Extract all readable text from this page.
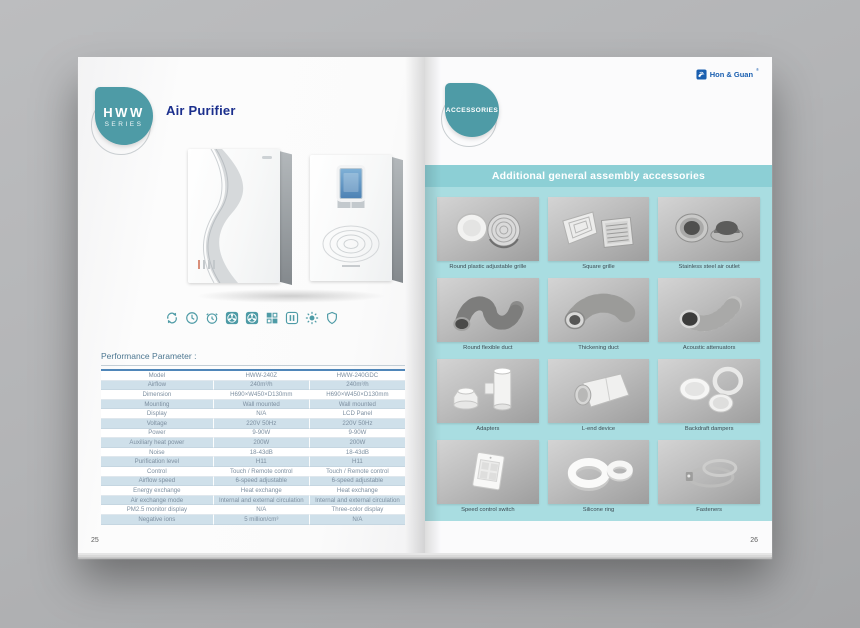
HWW
SERIES
Air Purifier
Performance Parameter :
Model	HWW-240Z	HWW-240GDC
Airflow	240m³/h	240m³/h
Dimension	H690×W450×D130mm	H690×W450×D130mm
Mounting	Wall mounted	Wall mounted
Display	N/A	LCD Panel
Voltage	220V 50Hz	220V 50Hz
Power	9-90W	9-90W
Auxiliary heat power	200W	200W
Noise	18-43dB	18-43dB
Purification level	H11	H11
Control	Touch / Remote control	Touch / Remote control
Airflow speed	6-speed adjustable	6-speed adjustable
Energy exchange	Heat exchange	Heat exchange
Air exchange mode	Internal and external circulation	Internal and external circulation
PM2.5 monitor display	N/A	Three-color display
Negative ions	5 million/cm³	N/A
25
Hon & Guan
®
ACCESSORIES
Additional general assembly accessories
Round plastic adjustable grille	Square grille	Stainless steel air outlet
Round flexible duct	Thickening duct	Acoustic attenuators
Adapters	L-end device	Backdraft dampers
Speed control switch	Silicone ring	Fasteners
26
